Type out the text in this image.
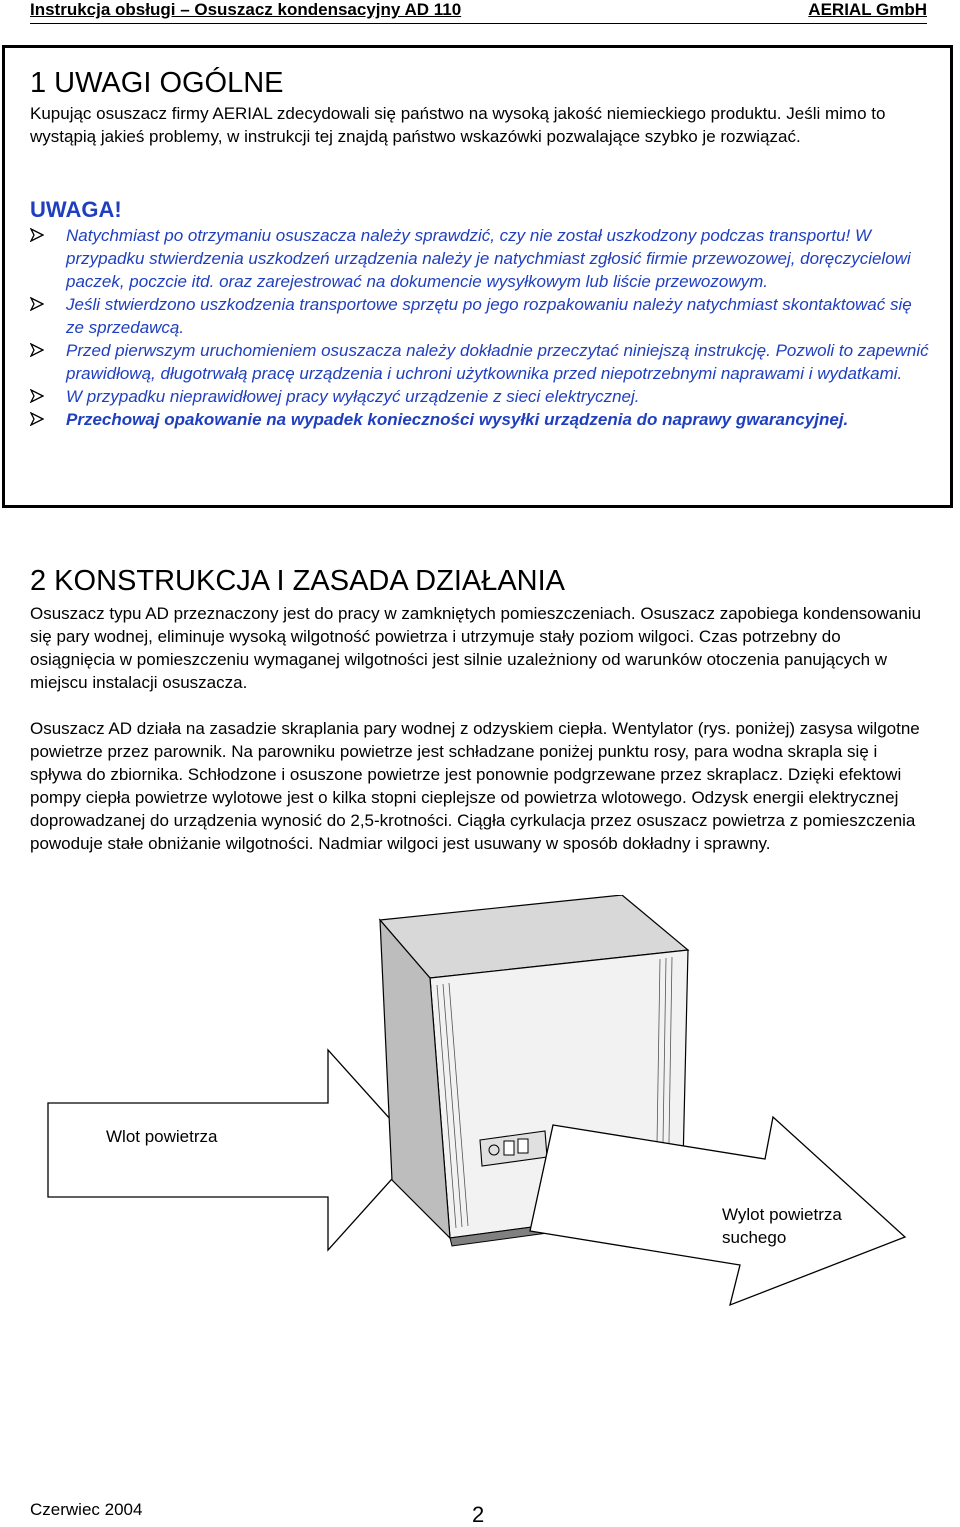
Instrukcja obsługi – Osuszacz kondensacyjny AD 110	AERIAL GmbH
1 UWAGI OGÓLNE
Kupując osuszacz firmy AERIAL zdecydowali się państwo na wysoką jakość niemieckiego produktu. Jeśli mimo to wystąpią jakieś problemy, w instrukcji tej znajdą państwo wskazówki pozwalające szybko je rozwiązać.
UWAGA!
Natychmiast po otrzymaniu osuszacza należy sprawdzić, czy nie został uszkodzony podczas transportu! W przypadku stwierdzenia uszkodzeń urządzenia należy je natychmiast zgłosić firmie przewozowej, doręczycielowi paczek, poczcie itd. oraz zarejestrować na dokumencie wysyłkowym lub liście przewozowym.
Jeśli stwierdzono uszkodzenia transportowe sprzętu po jego rozpakowaniu należy natychmiast skontaktować się ze sprzedawcą.
Przed pierwszym uruchomieniem osuszacza należy dokładnie przeczytać niniejszą instrukcję. Pozwoli to zapewnić prawidłową, długotrwałą pracę urządzenia i uchroni użytkownika przed niepotrzebnymi naprawami i wydatkami.
W przypadku nieprawidłowej pracy wyłączyć urządzenie z sieci elektrycznej.
Przechowaj opakowanie na wypadek konieczności wysyłki urządzenia do naprawy gwarancyjnej.
2 KONSTRUKCJA I ZASADA DZIAŁANIA

Osuszacz typu AD przeznaczony jest do pracy w zamkniętych pomieszczeniach. Osuszacz zapobiega kondensowaniu się pary wodnej, eliminuje wysoką wilgotność powietrza i utrzymuje stały poziom wilgoci. Czas potrzebny do osiągnięcia w pomieszczeniu wymaganej wilgotności jest silnie uzależniony od warunków otoczenia panujących w miejscu instalacji osuszacza.

Osuszacz AD działa na zasadzie skraplania pary wodnej z odzyskiem ciepła. Wentylator (rys. poniżej) zasysa wilgotne powietrze przez parownik. Na parowniku powietrze jest schładzane poniżej punktu rosy, para wodna skrapla się i spływa do zbiornika. Schłodzone i osuszone powietrze jest ponownie podgrzewane przez skraplacz. Dzięki efektowi pompy ciepła powietrze wylotowe jest o kilka stopni cieplejsze od powietrza wlotowego. Odzysk energii elektrycznej doprowadzanej do urządzenia wynosić do 2,5-krotności. Ciągła cyrkulacja przez osuszacz powietrza z pomieszczenia powoduje stałe obniżanie wilgotności. Nadmiar wilgoci jest usuwany w sposób dokładny i sprawny.

Wlot powietrza
Wylot powietrza suchego
Czerwiec 2004	2
